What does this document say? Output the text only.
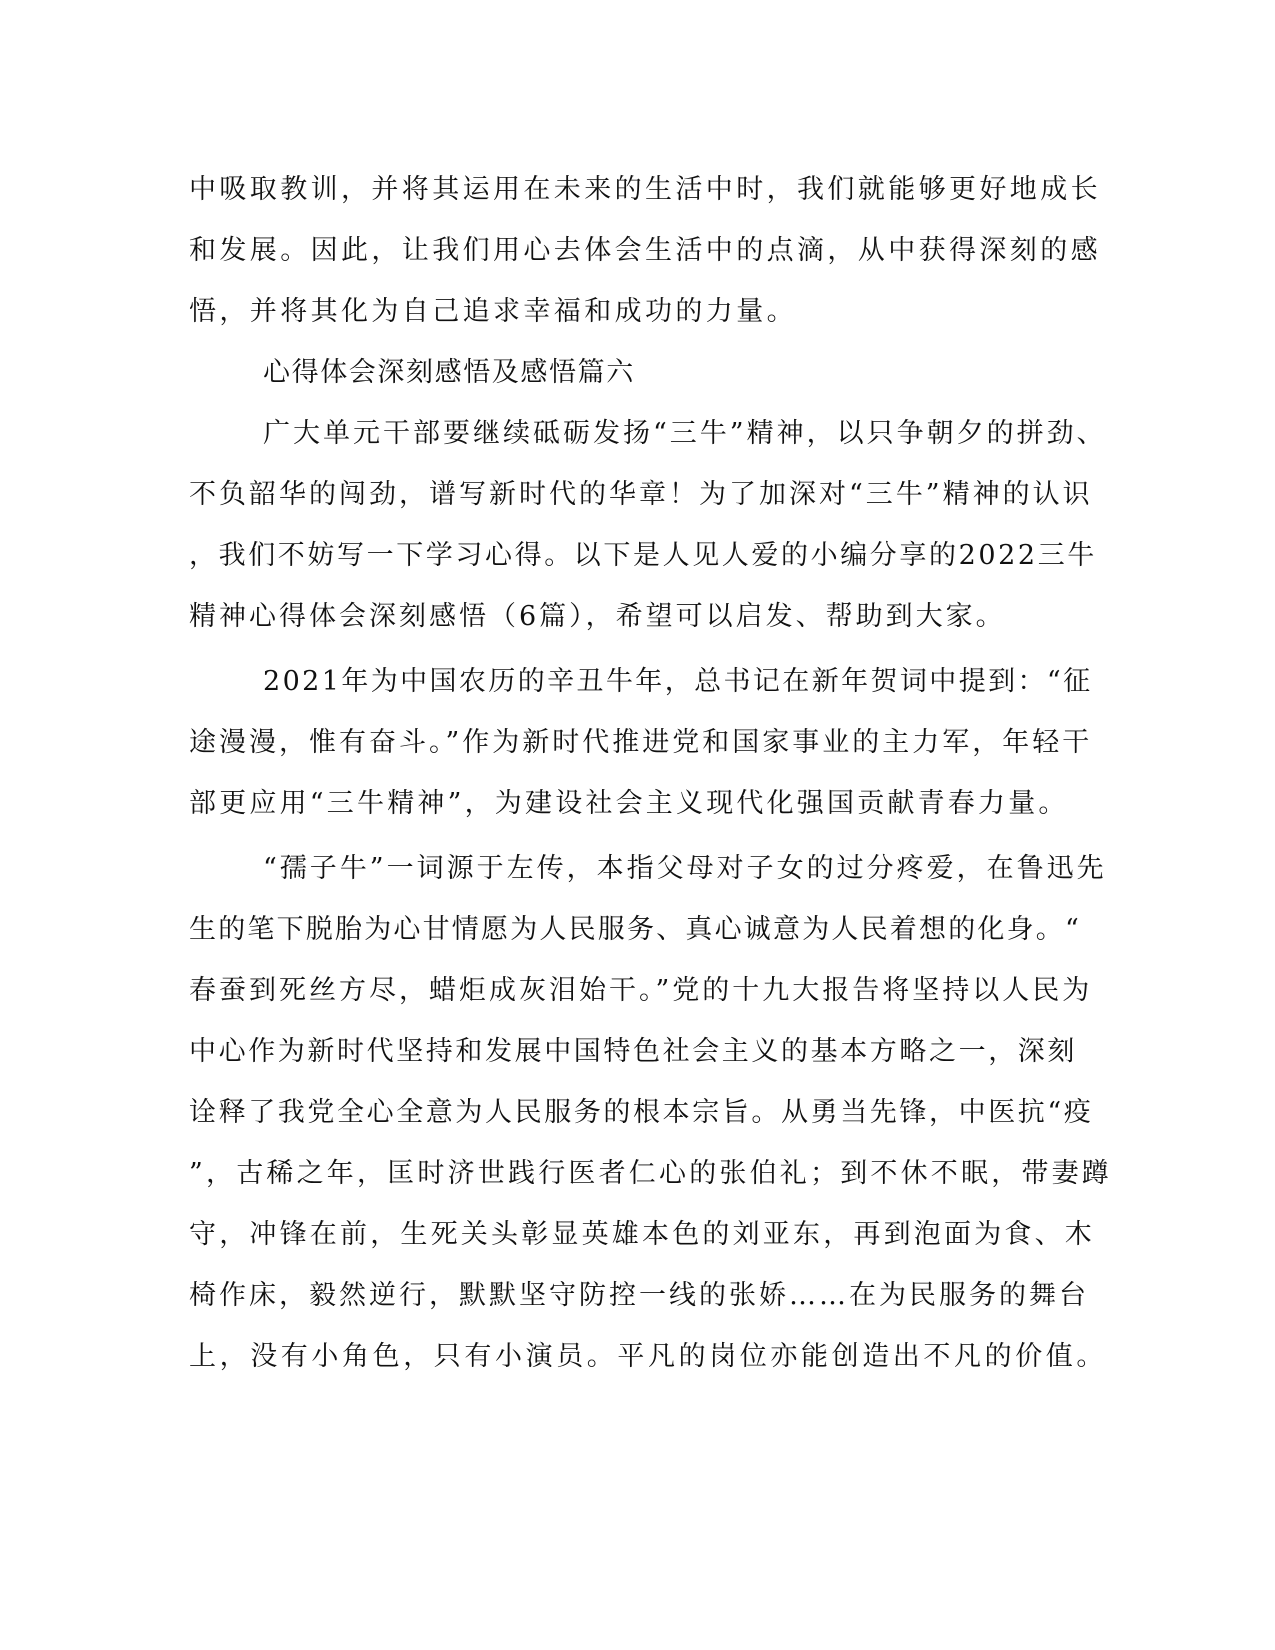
中吸取教训，并将其运用在未来的生活中时，我们就能够更好地成长
和发展。因此，让我们用心去体会生活中的点滴，从中获得深刻的感
悟，并将其化为自己追求幸福和成功的力量。
心得体会深刻感悟及感悟篇六
广大单元干部要继续砥砺发扬“三牛”精神，以只争朝夕的拼劲、
不负韶华的闯劲，谱写新时代的华章！为了加深对“三牛”精神的认识
，我们不妨写一下学习心得。以下是人见人爱的小编分享的2022三牛
精神心得体会深刻感悟（6篇），希望可以启发、帮助到大家。
2021年为中国农历的辛丑牛年，总书记在新年贺词中提到：“征
途漫漫，惟有奋斗。”作为新时代推进党和国家事业的主力军，年轻干
部更应用“三牛精神”，为建设社会主义现代化强国贡献青春力量。
“孺子牛”一词源于左传，本指父母对子女的过分疼爱，在鲁迅先
生的笔下脱胎为心甘情愿为人民服务、真心诚意为人民着想的化身。“
春蚕到死丝方尽，蜡炬成灰泪始干。”党的十九大报告将坚持以人民为
中心作为新时代坚持和发展中国特色社会主义的基本方略之一，深刻
诠释了我党全心全意为人民服务的根本宗旨。从勇当先锋，中医抗“疫
”，古稀之年，匡时济世践行医者仁心的张伯礼；到不休不眠，带妻蹲
守，冲锋在前，生死关头彰显英雄本色的刘亚东，再到泡面为食、木
椅作床，毅然逆行，默默坚守防控一线的张娇……在为民服务的舞台
上，没有小角色，只有小演员。平凡的岗位亦能创造出不凡的价值。
